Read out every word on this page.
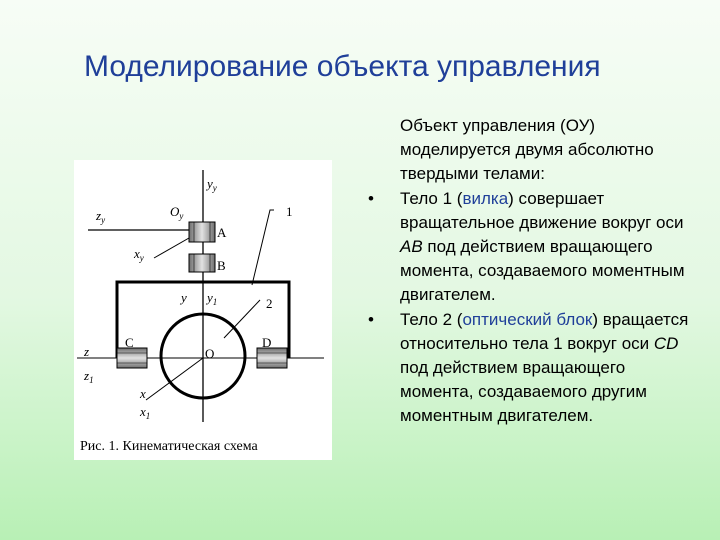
Моделирование объекта управления
$y_y$
$O_y$
$z_y$
$x_y$
A
B
1
2
y $y_1$
C	D
O
z
$z_1$
x
$x_1$
Рис. 1. Кинематическая схема

Объект управления (ОУ) моделируется двумя абсолютно твердыми телами:

• Тело 1 (вилка) совершает вращательное движение вокруг оси AB под действием вращающего момента, создаваемого моментным двигателем.

• Тело 2 (оптический блок) вращается относительно тела 1 вокруг оси CD под действием вращающего момента, создаваемого другим моментным двигателем.
